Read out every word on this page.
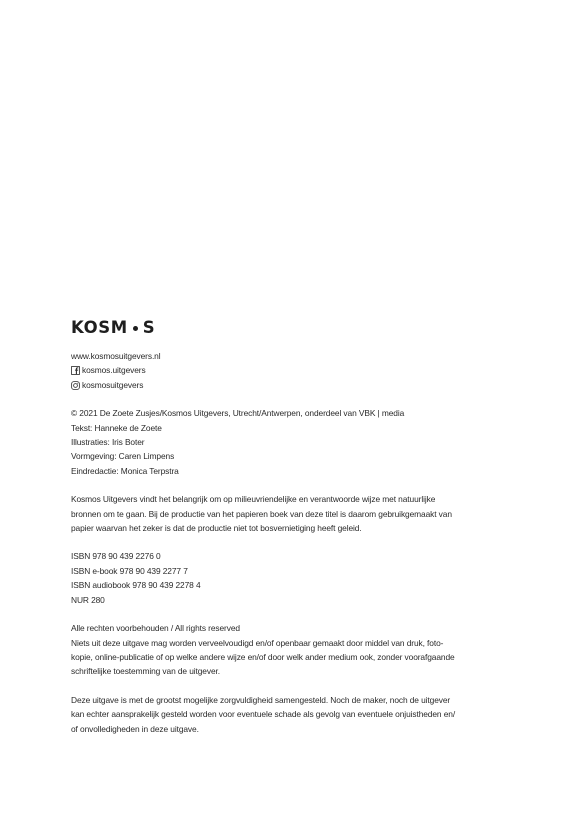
KOSM S
www.kosmosuitgevers.nl
kosmos.uitgevers
kosmosuitgevers
© 2021 De Zoete Zusjes/Kosmos Uitgevers, Utrecht/Antwerpen, onderdeel van VBK | media
Tekst: Hanneke de Zoete
Illustraties: Iris Boter
Vormgeving: Caren Limpens
Eindredactie: Monica Terpstra
Kosmos Uitgevers vindt het belangrijk om op milieuvriendelijke en verantwoorde wijze met natuurlijke
bronnen om te gaan. Bij de productie van het papieren boek van deze titel is daarom gebruikgemaakt van
papier waarvan het zeker is dat de productie niet tot bosvernietiging heeft geleid.
ISBN 978 90 439 2276 0
ISBN e-book 978 90 439 2277 7
ISBN audiobook 978 90 439 2278 4
NUR 280
Alle rechten voorbehouden / All rights reserved
Niets uit deze uitgave mag worden verveelvoudigd en/of openbaar gemaakt door middel van druk, foto-
kopie, online-publicatie of op welke andere wijze en/of door welk ander medium ook, zonder voorafgaande
schriftelijke toestemming van de uitgever.
Deze uitgave is met de grootst mogelijke zorgvuldigheid samengesteld. Noch de maker, noch de uitgever
kan echter aansprakelijk gesteld worden voor eventuele schade als gevolg van eventuele onjuistheden en/
of onvolledigheden in deze uitgave.
